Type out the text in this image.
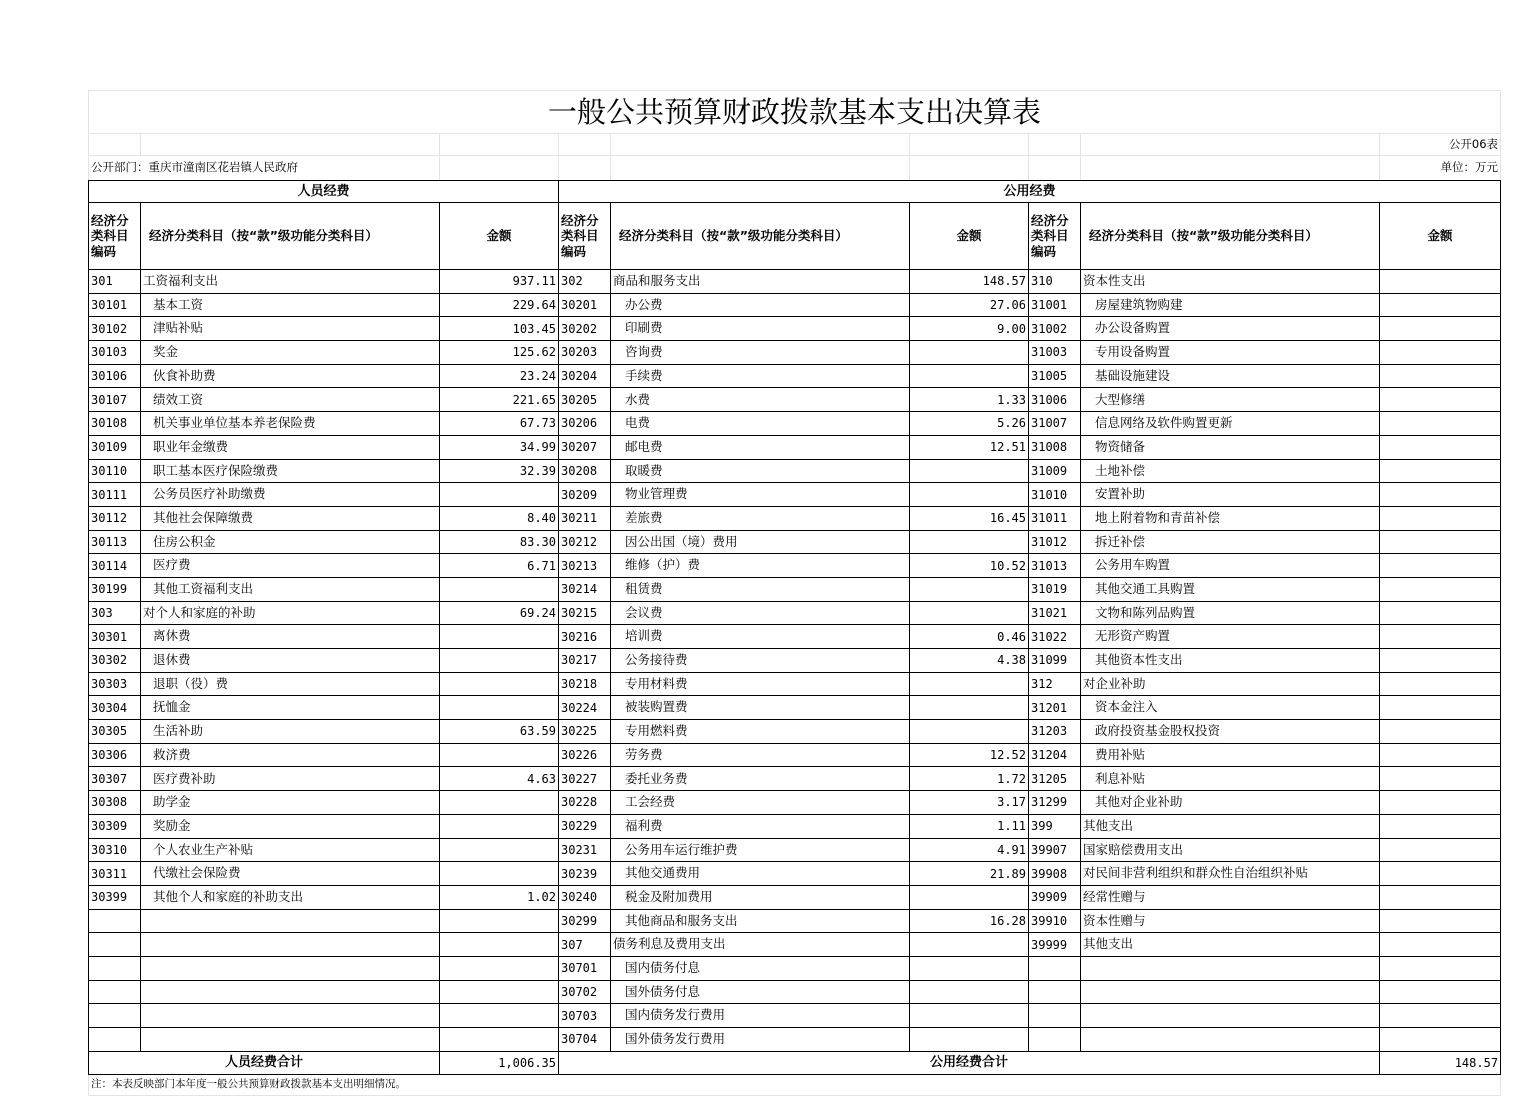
一般公共预算财政拨款基本支出决算表								
								公开06表
公开部门：重庆市潼南区花岩镇人民政府								单位：万元
人员经费			公用经费					
经济分类科目编码	经济分类科目（按“款”级功能分类科目）	金额	经济分类科目编码	经济分类科目（按“款”级功能分类科目）	金额	经济分类科目编码	经济分类科目（按“款”级功能分类科目）	金额
301	工资福利支出	937.11	302	商品和服务支出	148.57	310	资本性支出	
30101	基本工资	229.64	30201	办公费	27.06	31001	房屋建筑物购建	
30102	津贴补贴	103.45	30202	印刷费	9.00	31002	办公设备购置	
30103	奖金	125.62	30203	咨询费		31003	专用设备购置	
30106	伙食补助费	23.24	30204	手续费		31005	基础设施建设	
30107	绩效工资	221.65	30205	水费	1.33	31006	大型修缮	
30108	机关事业单位基本养老保险费	67.73	30206	电费	5.26	31007	信息网络及软件购置更新	
30109	职业年金缴费	34.99	30207	邮电费	12.51	31008	物资储备	
30110	职工基本医疗保险缴费	32.39	30208	取暖费		31009	土地补偿	
30111	公务员医疗补助缴费		30209	物业管理费		31010	安置补助	
30112	其他社会保障缴费	8.40	30211	差旅费	16.45	31011	地上附着物和青苗补偿	
30113	住房公积金	83.30	30212	因公出国（境）费用		31012	拆迁补偿	
30114	医疗费	6.71	30213	维修（护）费	10.52	31013	公务用车购置	
30199	其他工资福利支出		30214	租赁费		31019	其他交通工具购置	
303	对个人和家庭的补助	69.24	30215	会议费		31021	文物和陈列品购置	
30301	离休费		30216	培训费	0.46	31022	无形资产购置	
30302	退休费		30217	公务接待费	4.38	31099	其他资本性支出	
30303	退职（役）费		30218	专用材料费		312	对企业补助	
30304	抚恤金		30224	被装购置费		31201	资本金注入	
30305	生活补助	63.59	30225	专用燃料费		31203	政府投资基金股权投资	
30306	救济费		30226	劳务费	12.52	31204	费用补贴	
30307	医疗费补助	4.63	30227	委托业务费	1.72	31205	利息补贴	
30308	助学金		30228	工会经费	3.17	31299	其他对企业补助	
30309	奖励金		30229	福利费	1.11	399	其他支出	
30310	个人农业生产补贴		30231	公务用车运行维护费	4.91	39907	国家赔偿费用支出	
30311	代缴社会保险费		30239	其他交通费用	21.89	39908	对民间非营利组织和群众性自治组织补贴	
30399	其他个人和家庭的补助支出	1.02	30240	税金及附加费用		39909	经常性赠与	
			30299	其他商品和服务支出	16.28	39910	资本性赠与	
			307	债务利息及费用支出		39999	其他支出	
			30701	国内债务付息				
			30702	国外债务付息				
			30703	国内债务发行费用				
			30704	国外债务发行费用				
人员经费合计		1,006.35	公用经费合计					148.57
注：本表反映部门本年度一般公共预算财政拨款基本支出明细情况。								
